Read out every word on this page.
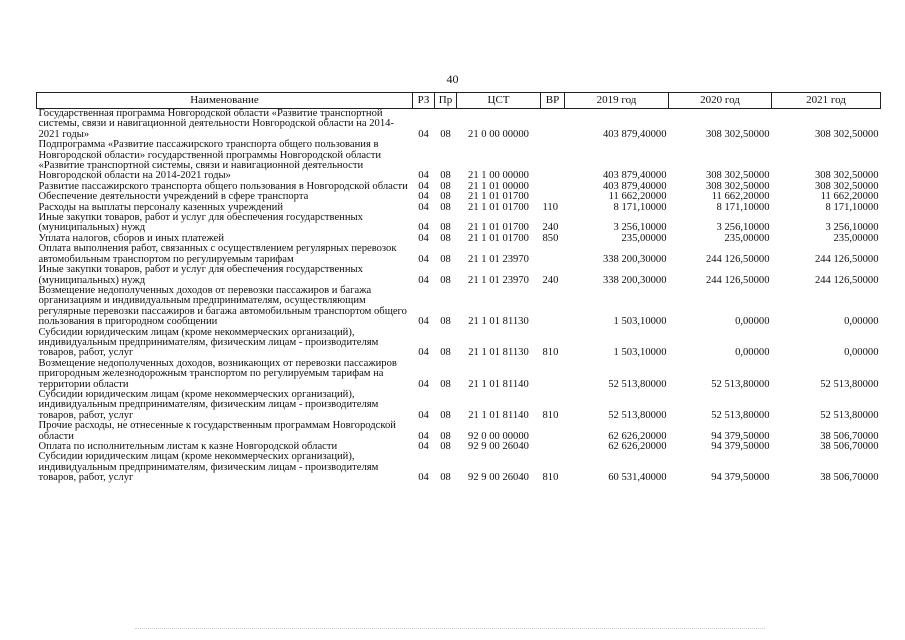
40
Наименование	РЗ	Пр	ЦСТ	ВР	2019 год	2020 год	2021 год
Государственная программа Новгородской области «Развитие транспортной системы, связи и навигационной деятельности Новгородской области на 2014-2021 годы»	04	08	21 0 00 00000		403 879,40000	308 302,50000	308 302,50000
Подпрограмма «Развитие пассажирского транспорта общего пользования в Новгородской области» государственной программы Новгородской области «Развитие транспортной системы, связи и навигационной деятельности Новгородской области на 2014-2021 годы»	04	08	21 1 00 00000		403 879,40000	308 302,50000	308 302,50000
Развитие пассажирского транспорта общего пользования в Новгородской области	04	08	21 1 01 00000		403 879,40000	308 302,50000	308 302,50000
Обеспечение деятельности учреждений в сфере транспорта	04	08	21 1 01 01700		11 662,20000	11 662,20000	11 662,20000
Расходы на выплаты персоналу казенных учреждений	04	08	21 1 01 01700	110	8 171,10000	8 171,10000	8 171,10000
Иные закупки товаров, работ и услуг для обеспечения государственных (муниципальных) нужд	04	08	21 1 01 01700	240	3 256,10000	3 256,10000	3 256,10000
Уплата налогов, сборов и иных платежей	04	08	21 1 01 01700	850	235,00000	235,00000	235,00000
Оплата выполнения работ, связанных с осуществлением регулярных перевозок автомобильным транспортом по регулируемым тарифам	04	08	21 1 01 23970		338 200,30000	244 126,50000	244 126,50000
Иные закупки товаров, работ и услуг для обеспечения государственных (муниципальных) нужд	04	08	21 1 01 23970	240	338 200,30000	244 126,50000	244 126,50000
Возмещение недополученных доходов от перевозки пассажиров и багажа организациям и индивидуальным предпринимателям, осуществляющим регулярные перевозки пассажиров и багажа автомобильным транспортом общего пользования в пригородном сообщении	04	08	21 1 01 81130		1 503,10000	0,00000	0,00000
Субсидии юридическим лицам (кроме некоммерческих организаций), индивидуальным предпринимателям, физическим лицам - производителям товаров, работ, услуг	04	08	21 1 01 81130	810	1 503,10000	0,00000	0,00000
Возмещение недополученных доходов, возникающих от перевозки пассажиров пригородным железнодорожным транспортом по регулируемым тарифам на территории области	04	08	21 1 01 81140		52 513,80000	52 513,80000	52 513,80000
Субсидии юридическим лицам (кроме некоммерческих организаций), индивидуальным предпринимателям, физическим лицам - производителям товаров, работ, услуг	04	08	21 1 01 81140	810	52 513,80000	52 513,80000	52 513,80000
Прочие расходы, не отнесенные к государственным программам Новгородской области	04	08	92 0 00 00000		62 626,20000	94 379,50000	38 506,70000
Оплата по исполнительным листам к казне Новгородской области	04	08	92 9 00 26040		62 626,20000	94 379,50000	38 506,70000
Субсидии юридическим лицам (кроме некоммерческих организаций), индивидуальным предпринимателям, физическим лицам - производителям товаров, работ, услуг	04	08	92 9 00 26040	810	60 531,40000	94 379,50000	38 506,70000
